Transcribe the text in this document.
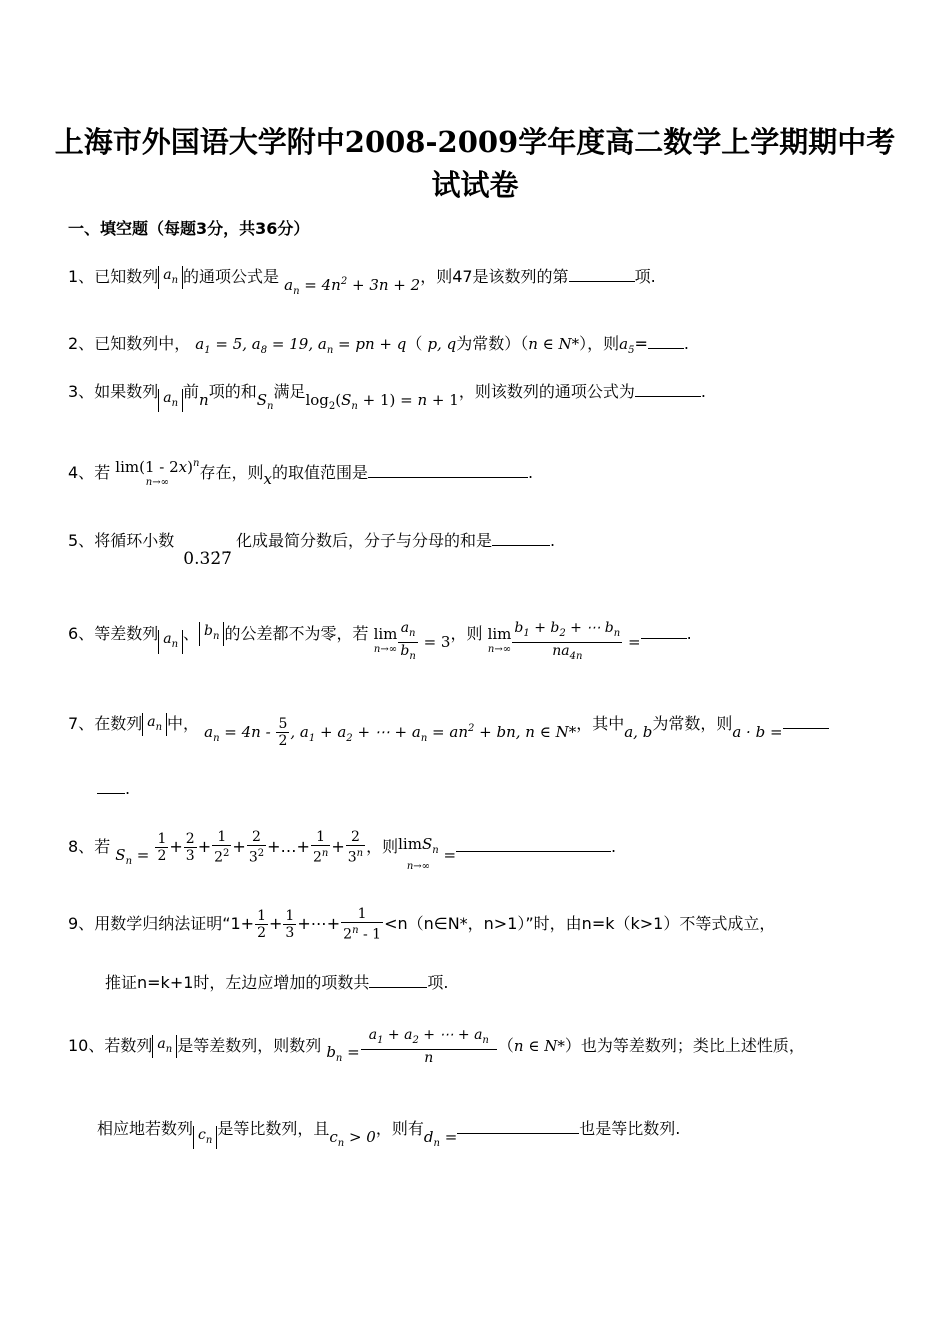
上海市外国语大学附中2008-2009学年度高二数学上学期期中考
试试卷
一、填空题（每题3分，共36分）
1、已知数列 $a_n$ 的通项公式是 $a_n = 4n^2 + 3n + 2$，则47是该数列的第	项.
2、已知数列中， $a_1 = 5$, $a_8 = 19$, $a_n$ = pn + q（ p, q为常数）（n ∈ N*），则$a_5=$ .
3、如果数列 $a_n$前n项的和$S_n$满足$\log_2(S_n + 1) = n + 1$，则该数列的通项公式为	.
4、若 lim(1 - 2x)$^n$
n→∞
存在，则x的取值范围是	.
5、将循环小数 0.32̇7̇化成最简分数后，分子与分母的和是	.
6、等差数列 $a_n$、 $b_n$ 的公差都不为零，若 lim
$n\to\infty \frac{a_n}{b_n} = 3$，则 lim
$n\to\infty \frac{b_1 + b_2 + \cdots b_n}{na_{4n}}$ =	.
7、在数列 $a_n$ 中， $a_n = 4n - \frac{5}{2}$ , $a_1 + a_2$ + ⋯ + $a_n = an^2$ + bn, n ∈ N*，其中a, b为常数，则a · b =
.
8、若 $S_n = \frac{1}{2} + \frac{2}{3} + \frac{1}{2^2} + \frac{2}{3^2}$ +…+ $\frac{1}{2^n} + \frac{2}{3^n}$ ，则limS$_n$
n→∞
=	.
9、用数学归纳法证明“$1+ \frac{1}{2} + \frac{1}{3}$ +⋯+ $\frac{1}{2^n - 1}$ <n（n∈N*，n>1）”时，由n=k（k>1）不等式成立，
推证n=k+1时，左边应增加的项数共	项.
10、若数列 $a_n$ 是等差数列，则数列 $b_n = \frac{a_1 + a_2 + \cdots + a_n}{n} (n$ ∈ N*）也为等差数列；类比上述性质，
相应地若数列 $c_n$是等比数列，且$c_n > 0$，则有$d_n$ =	也是等比数列.
